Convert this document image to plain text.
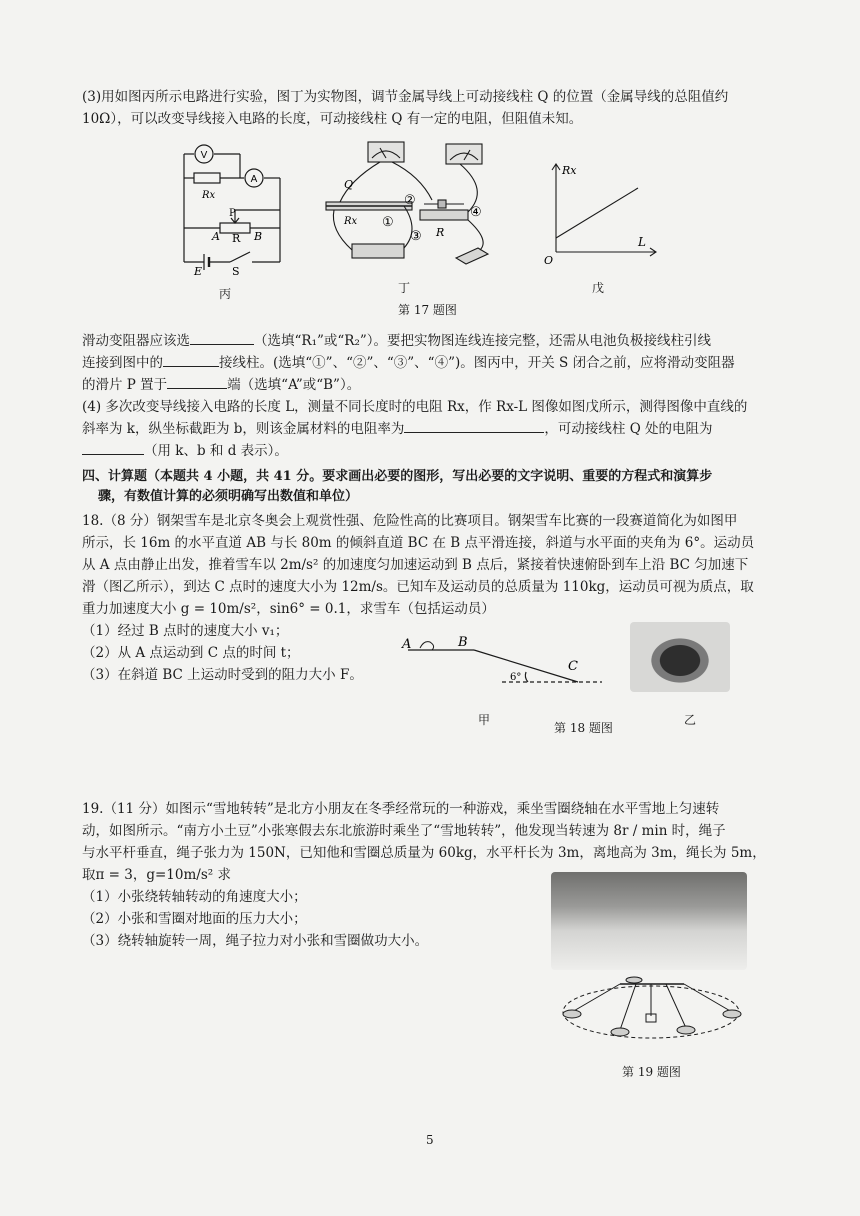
(3)用如图丙所示电路进行实验，图丁为实物图，调节金属导线上可动接线柱 Q 的位置（金属导线的总阻值约
10Ω），可以改变导线接入电路的长度，可动接线柱 Q 有一定的电阻，但阻值未知。
V
A
Rx
P
A R B
E	S
Q
Rx ①
②
③
④
R
Rx
L
O
丙	丁	戊
第 17 题图
滑动变阻器应该选	（选填“R₁”或“R₂”）。要把实物图连线连接完整，还需从电池负极接线柱引线
连接到图中的	接线柱。(选填“①”、“②”、“③”、“④”)。图丙中，开关 S 闭合之前，应将滑动变阻器
的滑片 P 置于	端（选填“A”或“B”）。
(4) 多次改变导线接入电路的长度 L，测量不同长度时的电阻 Rx，作 Rx-L 图像如图戊所示，测得图像中直线的
斜率为 k，纵坐标截距为 b，则该金属材料的电阻率为	，可动接线柱 Q 处的电阻为
（用 k、b 和 d 表示）。
四、计算题（本题共 4 小题，共 41 分。要求画出必要的图形，写出必要的文字说明、重要的方程式和演算步
骤，有数值计算的必须明确写出数值和单位）
18.（8 分）钢架雪车是北京冬奥会上观赏性强、危险性高的比赛项目。钢架雪车比赛的一段赛道简化为如图甲
所示，长 16m 的水平直道 AB 与长 80m 的倾斜直道 BC 在 B 点平滑连接，斜道与水平面的夹角为 6°。运动员
从 A 点由静止出发，推着雪车以 2m/s² 的加速度匀加速运动到 B 点后，紧接着快速俯卧到车上沿 BC 匀加速下
滑（图乙所示），到达 C 点时的速度大小为 12m/s。已知车及运动员的总质量为 110kg，运动员可视为质点，取
重力加速度大小 g = 10m/s²，sin6° = 0.1，求雪车（包括运动员）
（1）经过 B 点时的速度大小 v₁；
（2）从 A 点运动到 C 点的时间 t；
（3）在斜道 BC 上运动时受到的阻力大小 F。
A	B
C
6°
甲
第 18 题图
乙
19.（11 分）如图示“雪地转转”是北方小朋友在冬季经常玩的一种游戏，乘坐雪圈绕轴在水平雪地上匀速转
动，如图所示。“南方小土豆”小张寒假去东北旅游时乘坐了“雪地转转”，他发现当转速为 8r / min 时，绳子
与水平杆垂直，绳子张力为 150N，已知他和雪圈总质量为 60kg，水平杆长为 3m，离地高为 3m，绳长为 5m，
取π = 3，g=10m/s² 求
（1）小张绕转轴转动的角速度大小；
（2）小张和雪圈对地面的压力大小；
（3）绕转轴旋转一周，绳子拉力对小张和雪圈做功大小。
第 19 题图
5
